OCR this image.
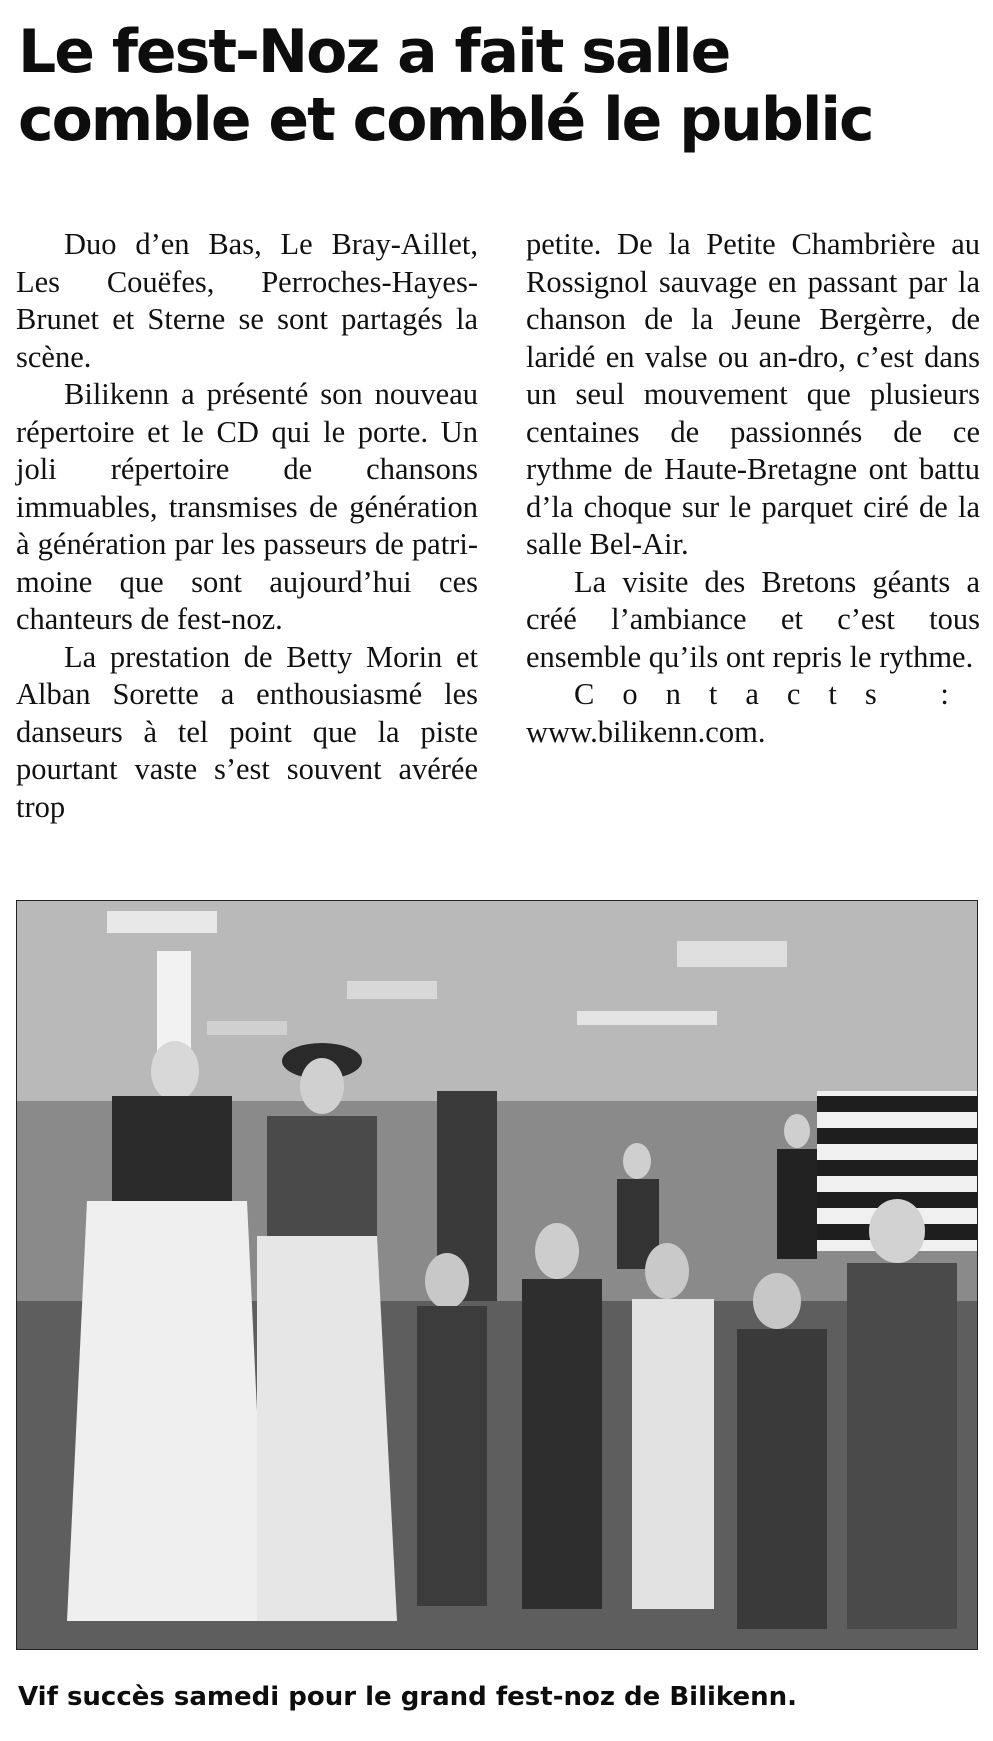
Le fest-Noz a fait salle
comble et comblé le public

Duo d’en Bas, Le Bray-Aillet, Les Couëfes, Perroches-Hayes-Brunet et Sterne se sont partagés la scène.

Bilikenn a présenté son nouveau répertoire et le CD qui le porte. Un joli répertoire de chansons immuables, transmises de génération à génération par les passeurs de patrimoine que sont aujourd’hui ces chanteurs de fest-noz.

La prestation de Betty Morin et Alban Sorette a enthousiasmé les danseurs à tel point que la piste pourtant vaste s’est souvent avérée trop

petite. De la Petite Chambrière au Rossignol sauvage en passant par la chanson de la Jeune Bergèrre, de laridé en valse ou an-dro, c’est dans un seul mouvement que plusieurs centaines de passionnés de ce rythme de Haute-Bretagne ont battu d’la choque sur le parquet ciré de la salle Bel-Air.

La visite des Bretons géants a créé l’ambiance et c’est tous ensemble qu’ils ont repris le rythme.

Contacts :

www.bilikenn.com.

Vif succès samedi pour le grand fest-noz de Bilikenn.
